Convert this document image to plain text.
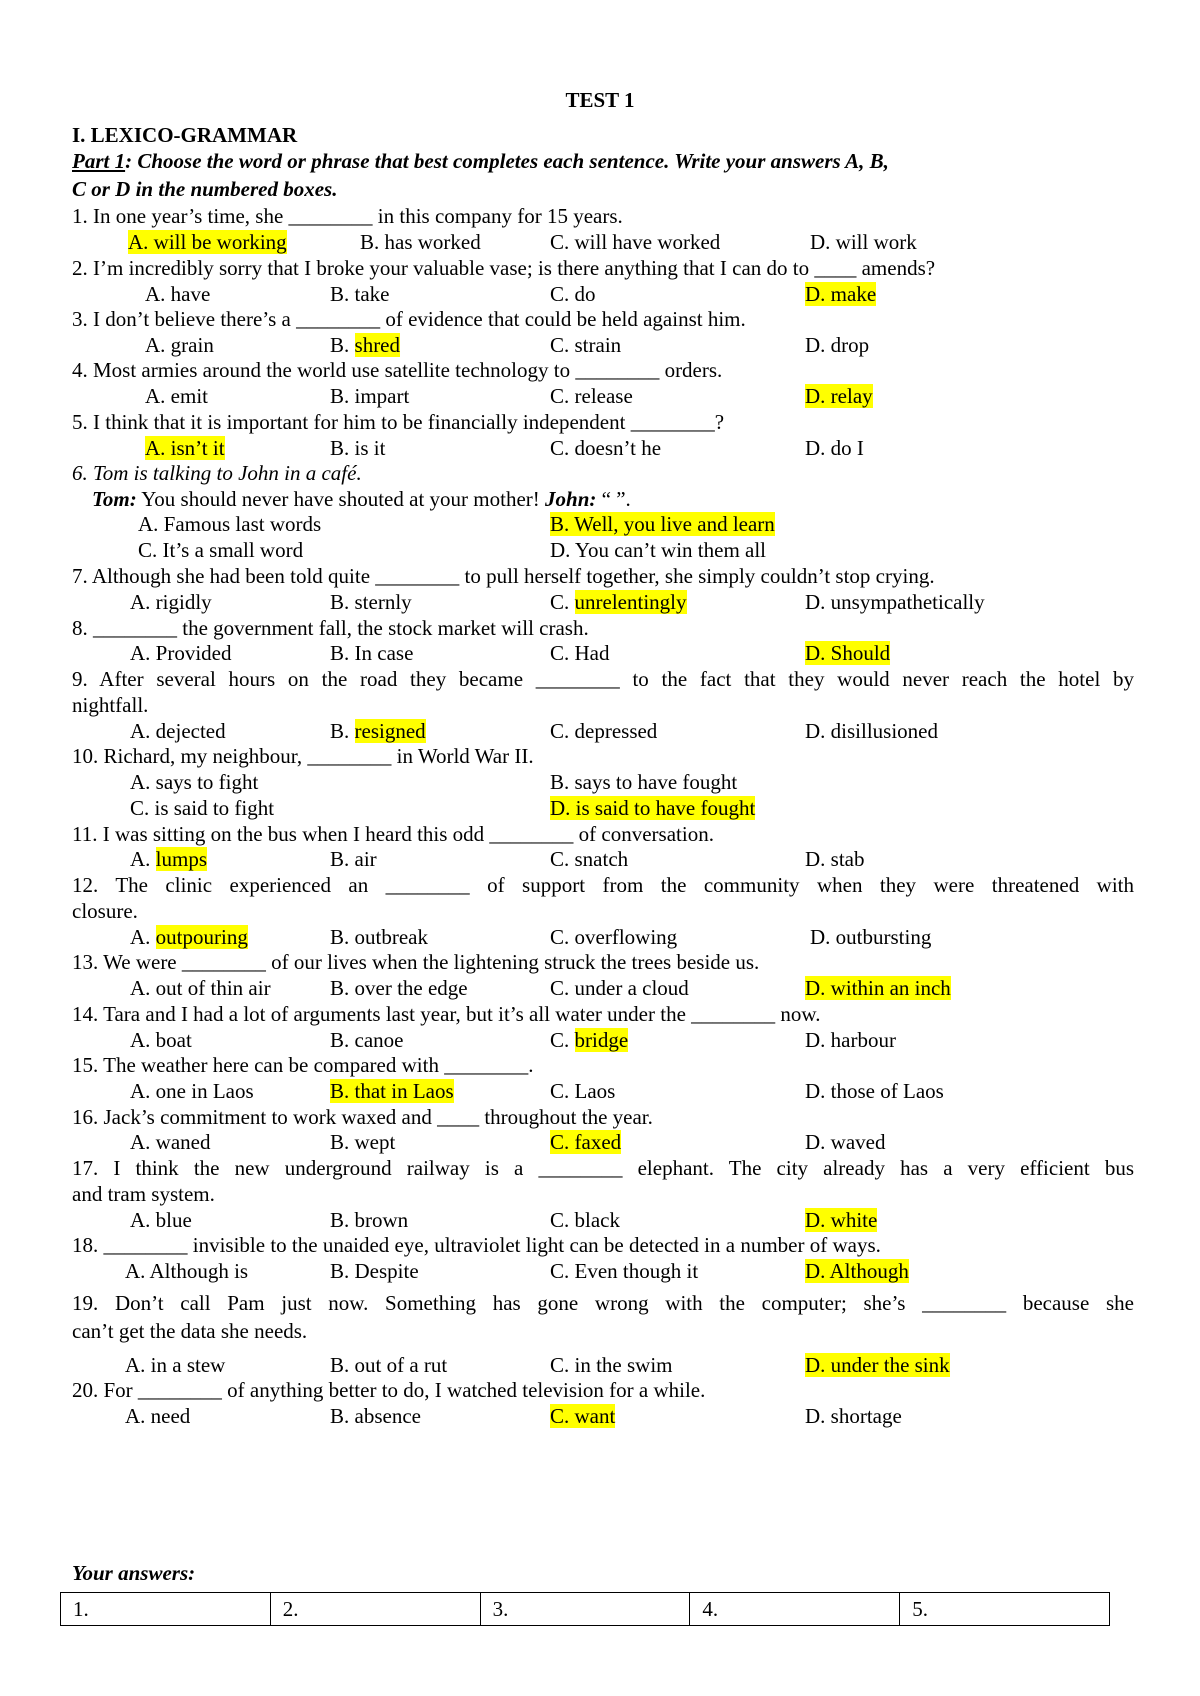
TEST 1
I. LEXICO-GRAMMAR
Part 1: Choose the word or phrase that best completes each sentence. Write your answers A, B,
C or D in the numbered boxes.
1. In one year’s time, she ________ in this company for 15 years.
A. will be working	B. has worked	C. will have worked	D. will work
2. I’m incredibly sorry that I broke your valuable vase; is there anything that I can do to ____ amends?
A. have	B. take	C. do	D. make
3. I don’t believe there’s a ________ of evidence that could be held against him.
A. grain	B. shred	C. strain	D. drop
4. Most armies around the world use satellite technology to ________ orders.
A. emit	B. impart	C. release	D. relay
5. I think that it is important for him to be financially independent ________?
A. isn’t it	B. is it	C. doesn’t he	D. do I
6. Tom is talking to John in a café.
Tom: You should never have shouted at your mother! John: “ ”.
A. Famous last words	B. Well, you live and learn
C. It’s a small word	D. You can’t win them all
7. Although she had been told quite ________ to pull herself together, she simply couldn’t stop crying.
A. rigidly	B. sternly	C. unrelentingly	D. unsympathetically
8. ________ the government fall, the stock market will crash.
A. Provided	B. In case	C. Had	D. Should
9. After several hours on the road they became ________ to the fact that they would never reach the hotel by
nightfall.
A. dejected	B. resigned	C. depressed	D. disillusioned
10. Richard, my neighbour, ________ in World War II.
A. says to fight	B. says to have fought
C. is said to fight	D. is said to have fought
11. I was sitting on the bus when I heard this odd ________ of conversation.
A. lumps	B. air	C. snatch	D. stab
12. The clinic experienced an ________ of support from the community when they were threatened with
closure.
A. outpouring	B. outbreak	C. overflowing	D. outbursting
13. We were ________ of our lives when the lightening struck the trees beside us.
A. out of thin air	B. over the edge	C. under a cloud	D. within an inch
14. Tara and I had a lot of arguments last year, but it’s all water under the ________ now.
A. boat	B. canoe	C. bridge	D. harbour
15. The weather here can be compared with ________.
A. one in Laos	B. that in Laos	C. Laos	D. those of Laos
16. Jack’s commitment to work waxed and ____ throughout the year.
A. waned	B. wept	C. faxed	D. waved
17. I think the new underground railway is a ________ elephant. The city already has a very efficient bus
and tram system.
A. blue	B. brown	C. black	D. white
18. ________ invisible to the unaided eye, ultraviolet light can be detected in a number of ways.
A. Although is	B. Despite	C. Even though it	D. Although
19. Don’t call Pam just now. Something has gone wrong with the computer; she’s ________ because she
can’t get the data she needs.
A. in a stew	B. out of a rut	C. in the swim	D. under the sink
20. For ________ of anything better to do, I watched television for a while.
A. need	B. absence	C. want	D. shortage
Your answers:
1.	2.	3.	4.	5.
